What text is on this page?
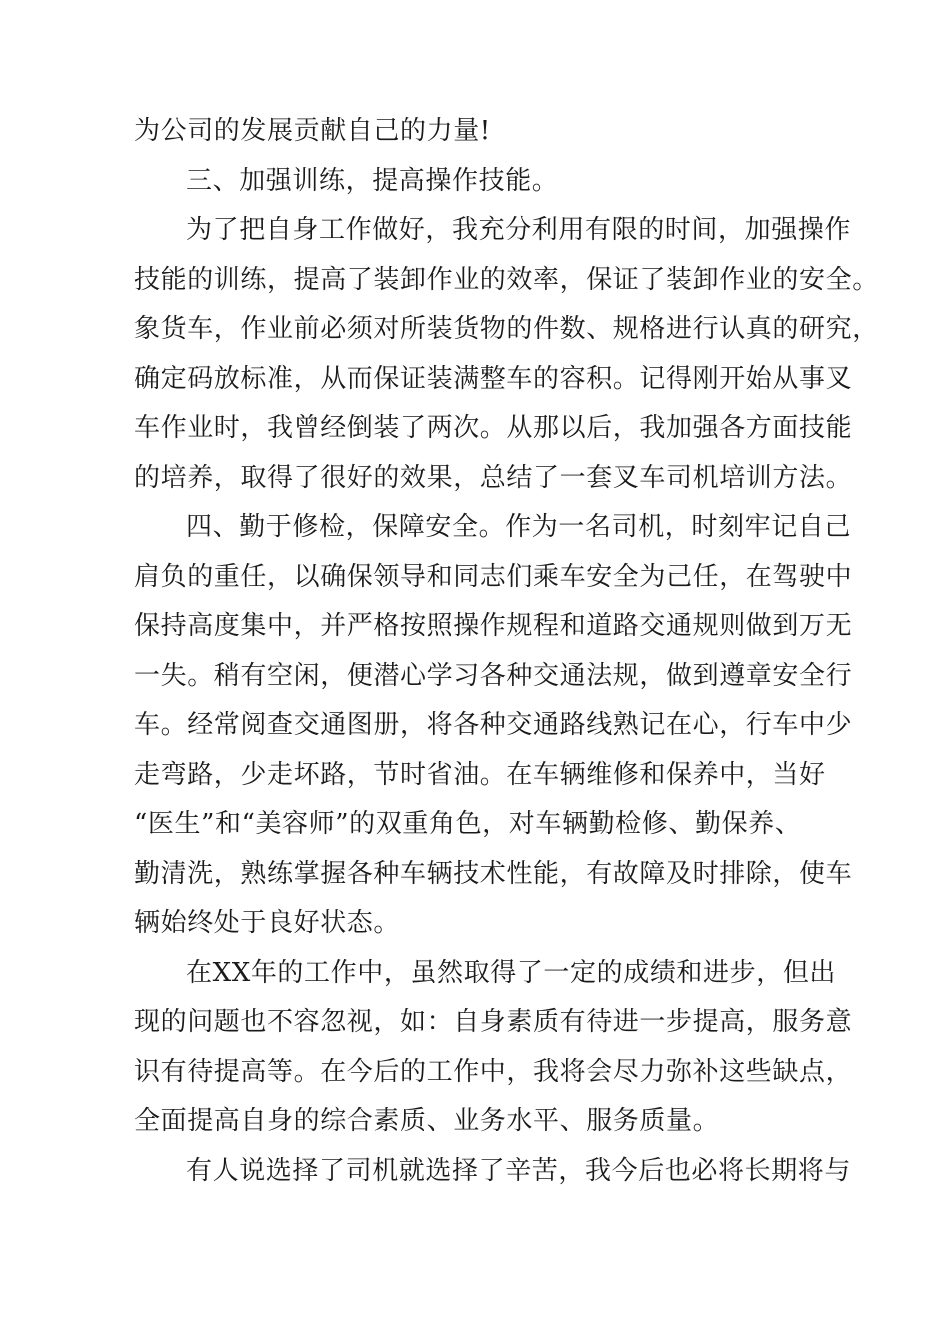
为公司的发展贡献自己的力量!
三、加强训练，提高操作技能。
为了把自身工作做好，我充分利用有限的时间，加强操作
技能的训练，提高了装卸作业的效率，保证了装卸作业的安全。
象货车，作业前必须对所装货物的件数、规格进行认真的研究，
确定码放标准，从而保证装满整车的容积。记得刚开始从事叉
车作业时，我曾经倒装了两次。从那以后，我加强各方面技能
的培养，取得了很好的效果，总结了一套叉车司机培训方法。
四、勤于修检，保障安全。作为一名司机，时刻牢记自己
肩负的重任，以确保领导和同志们乘车安全为己任，在驾驶中
保持高度集中，并严格按照操作规程和道路交通规则做到万无
一失。稍有空闲，便潜心学习各种交通法规，做到遵章安全行
车。经常阅查交通图册，将各种交通路线熟记在心，行车中少
走弯路，少走坏路，节时省油。在车辆维修和保养中，当好
“医生”和“美容师”的双重角色，对车辆勤检修、勤保养、
勤清洗，熟练掌握各种车辆技术性能，有故障及时排除，使车
辆始终处于良好状态。
在XX年的工作中，虽然取得了一定的成绩和进步，但出
现的问题也不容忽视，如：自身素质有待进一步提高，服务意
识有待提高等。在今后的工作中，我将会尽力弥补这些缺点，
全面提高自身的综合素质、业务水平、服务质量。
有人说选择了司机就选择了辛苦，我今后也必将长期将与
